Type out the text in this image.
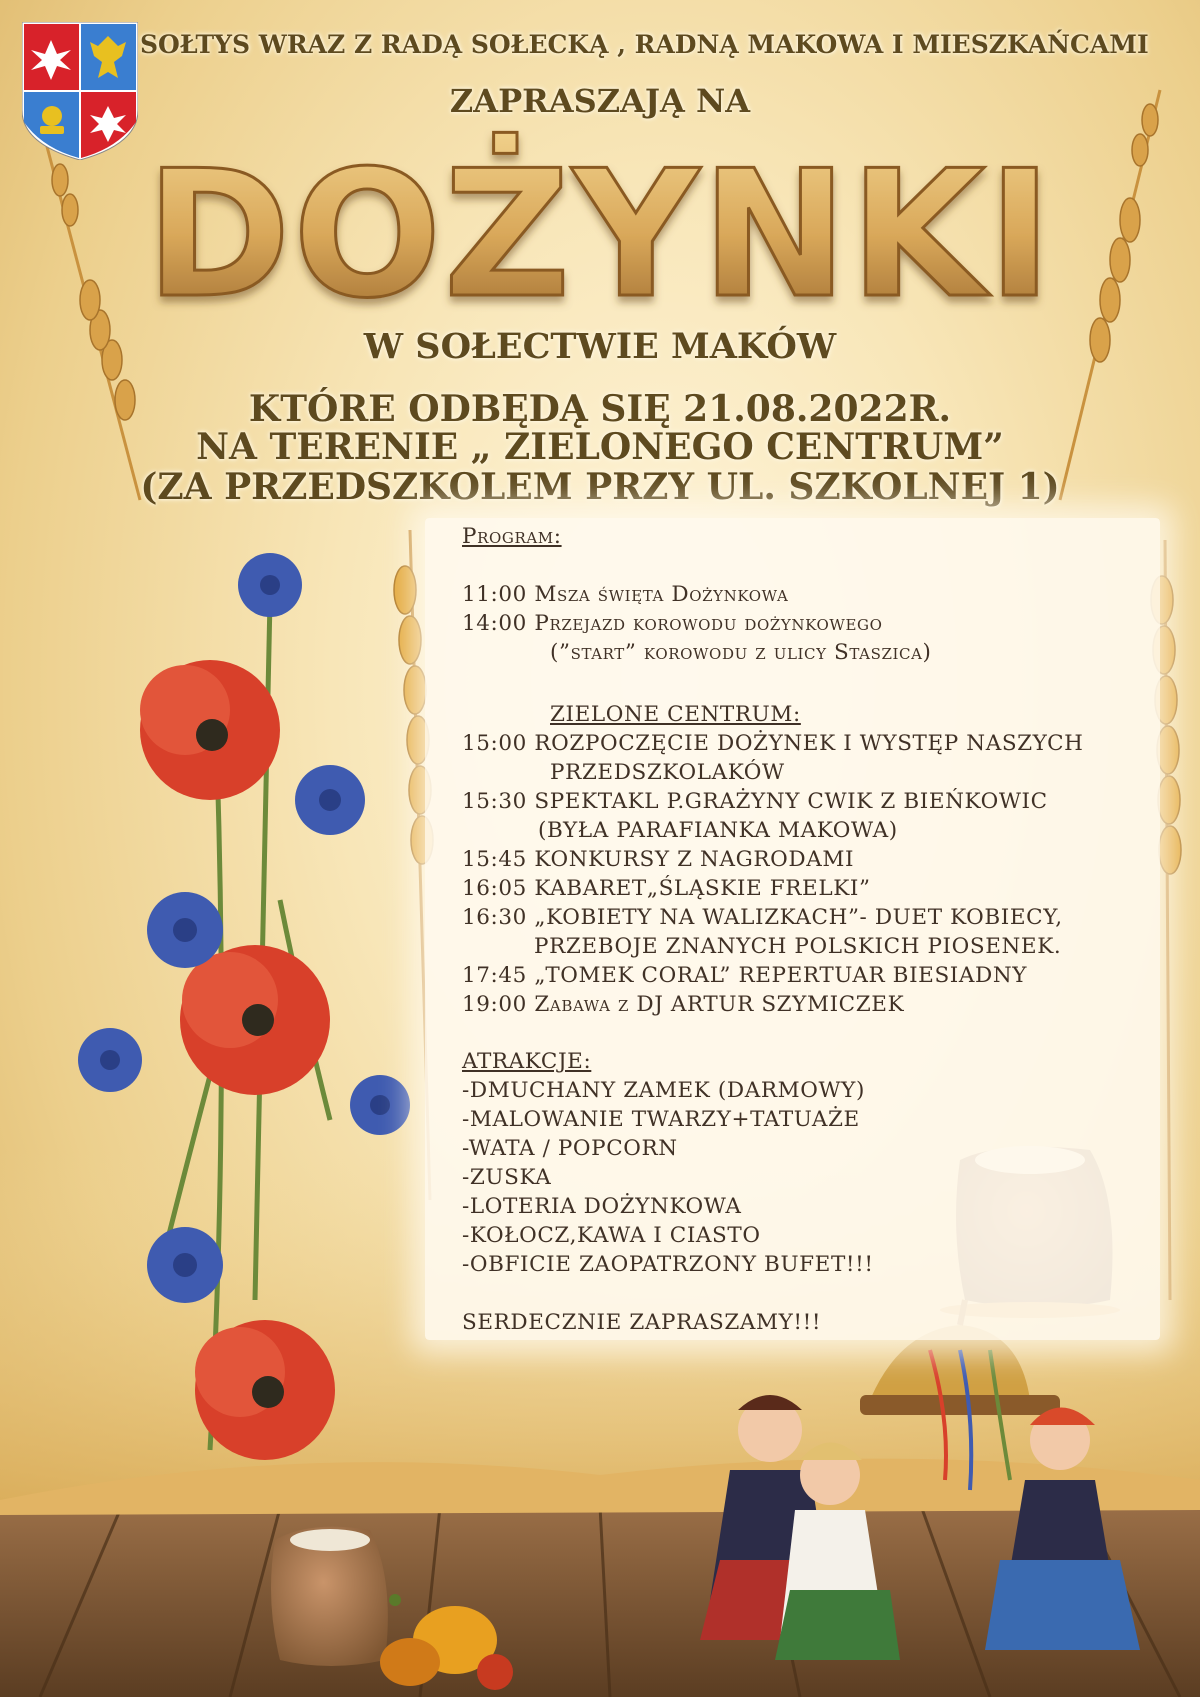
SOŁTYS WRAZ Z RADĄ SOŁECKĄ , RADNĄ MAKOWA I MIESZKAŃCAMI
ZAPRASZAJĄ NA
DOŻYNKI
W SOŁECTWIE MAKÓW
KTÓRE ODBĘDĄ SIĘ 21.08.2022R.
NA TERENIE „ ZIELONEGO CENTRUM”
(ZA PRZEDSZKOLEM PRZY UL. SZKOLNEJ 1)
Program:
11:00 Msza święta Dożynkowa
14:00 Przejazd korowodu dożynkowego
(”start” korowodu z ulicy Staszica)
ZIELONE CENTRUM:
15:00 ROZPOCZĘCIE DOŻYNEK I WYSTĘP NASZYCH
PRZEDSZKOLAKÓW
15:30 SPEKTAKL P.GRAŻYNY CWIK Z BIEŃKOWIC
(BYŁA PARAFIANKA MAKOWA)
15:45 KONKURSY Z NAGRODAMI
16:05 KABARET„ŚLĄSKIE FRELKI”
16:30 „KOBIETY NA WALIZKACH”- DUET KOBIECY,
PRZEBOJE ZNANYCH POLSKICH PIOSENEK.
17:45 „TOMEK CORAL” REPERTUAR BIESIADNY
19:00 Zabawa z DJ ARTUR SZYMICZEK
ATRAKCJE:
-DMUCHANY ZAMEK (DARMOWY)
-MALOWANIE TWARZY+TATUAŻE
-WATA / POPCORN
-ZUSKA
-LOTERIA DOŻYNKOWA
-KOŁOCZ,KAWA I CIASTO
-OBFICIE ZAOPATRZONY BUFET!!!
SERDECZNIE ZAPRASZAMY!!!
